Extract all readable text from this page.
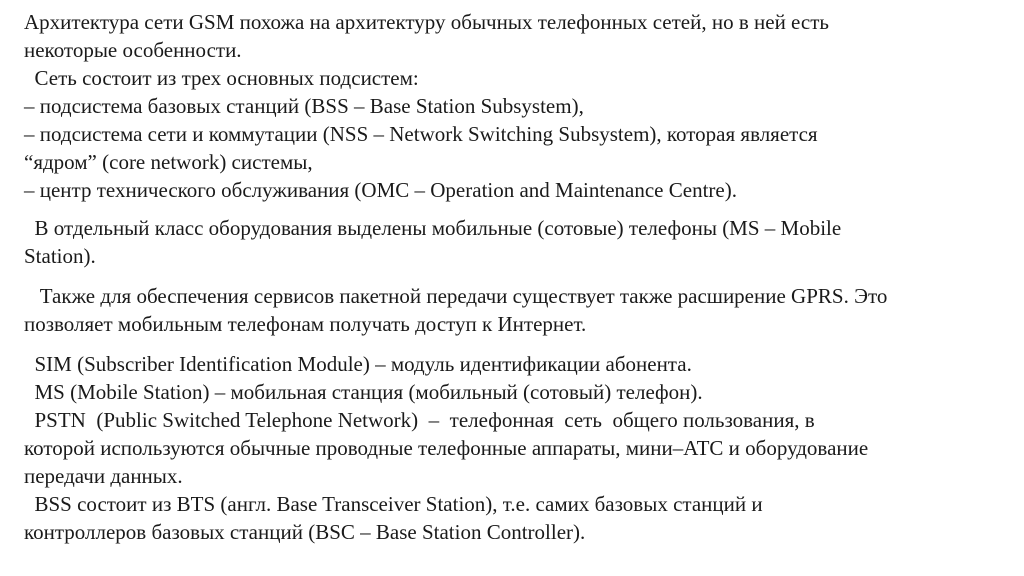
Архитектура сети GSM похожа на архитектуру обычных телефонных сетей, но в ней есть
некоторые особенности.
Сеть состоит из трех основных подсистем:
– подсистема базовых станций (BSS – Base Station Subsystem),
– подсистема сети и коммутации (NSS – Network Switching Subsystem), которая является
“ядром” (core network) системы,
– центр технического обслуживания (OMC – Operation and Maintenance Centre).
В отдельный класс оборудования выделены мобильные (сотовые) телефоны (MS – Mobile
Station).
Также для обеспечения сервисов пакетной передачи существует также расширение GPRS. Это
позволяет мобильным телефонам получать доступ к Интернет.
SIM (Subscriber Identification Module) – модуль идентификации абонента.
MS (Mobile Station) – мобильная станция (мобильный (сотовый) телефон).
PSTN  (Public Switched Telephone Network)  –  телефонная  сеть  общего пользования, в
которой используются обычные проводные телефонные аппараты, мини–АТС и оборудование
передачи данных.
BSS состоит из BTS (англ. Base Transceiver Station), т.е. самих базовых станций и
контроллеров базовых станций (BSC – Base Station Controller).
